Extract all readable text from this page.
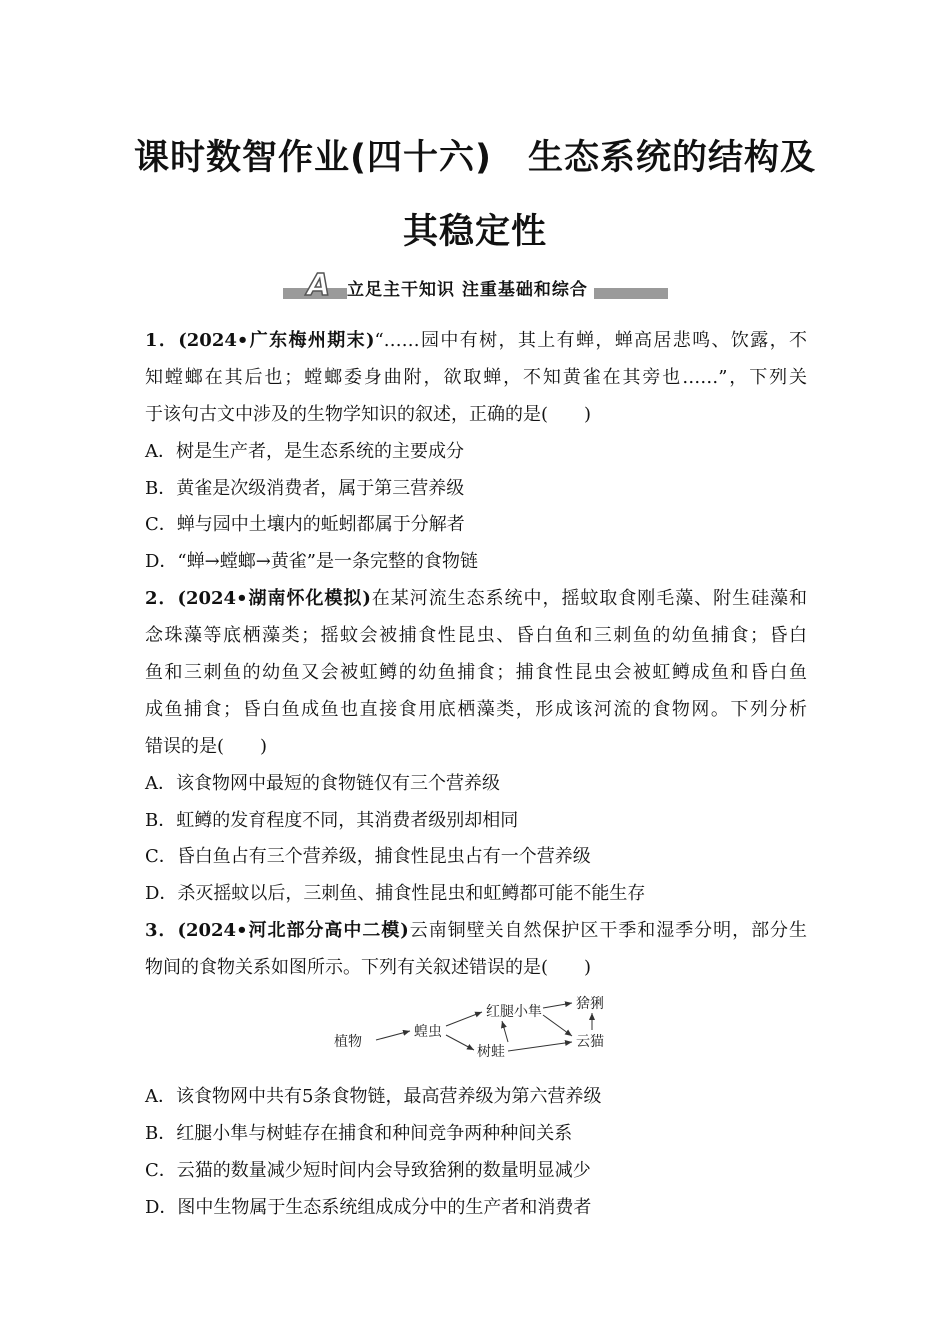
课时数智作业(四十六)　生态系统的结构及
其稳定性
A 立足主干知识 注重基础和综合
1．(2024•广东梅州期末)“……园中有树，其上有蝉，蝉高居悲鸣、饮露，不
知螳螂在其后也；螳螂委身曲附，欲取蝉，不知黄雀在其旁也……”，下列关
于该句古文中涉及的生物学知识的叙述，正确的是(　　)
A．树是生产者，是生态系统的主要成分
B．黄雀是次级消费者，属于第三营养级
C．蝉与园中土壤内的蚯蚓都属于分解者
D．“蝉→螳螂→黄雀”是一条完整的食物链
2．(2024•湖南怀化模拟)在某河流生态系统中，摇蚊取食刚毛藻、附生硅藻和
念珠藻等底栖藻类；摇蚊会被捕食性昆虫、昏白鱼和三刺鱼的幼鱼捕食；昏白
鱼和三刺鱼的幼鱼又会被虹鳟的幼鱼捕食；捕食性昆虫会被虹鳟成鱼和昏白鱼
成鱼捕食；昏白鱼成鱼也直接食用底栖藻类，形成该河流的食物网。下列分析
错误的是(　　)
A．该食物网中最短的食物链仅有三个营养级
B．虹鳟的发育程度不同，其消费者级别却相同
C．昏白鱼占有三个营养级，捕食性昆虫占有一个营养级
D．杀灭摇蚊以后，三刺鱼、捕食性昆虫和虹鳟都可能不能生存
3．(2024•河北部分高中二模)云南铜壁关自然保护区干季和湿季分明，部分生
物间的食物关系如图所示。下列有关叙述错误的是(　　)
A．该食物网中共有5条食物链，最高营养级为第六营养级
B．红腿小隼与树蛙存在捕食和种间竞争两种种间关系
C．云猫的数量减少短时间内会导致猞猁的数量明显减少
D．图中生物属于生态系统组成成分中的生产者和消费者
植物
蝗虫
红腿小隼
树蛙
猞猁
云猫
